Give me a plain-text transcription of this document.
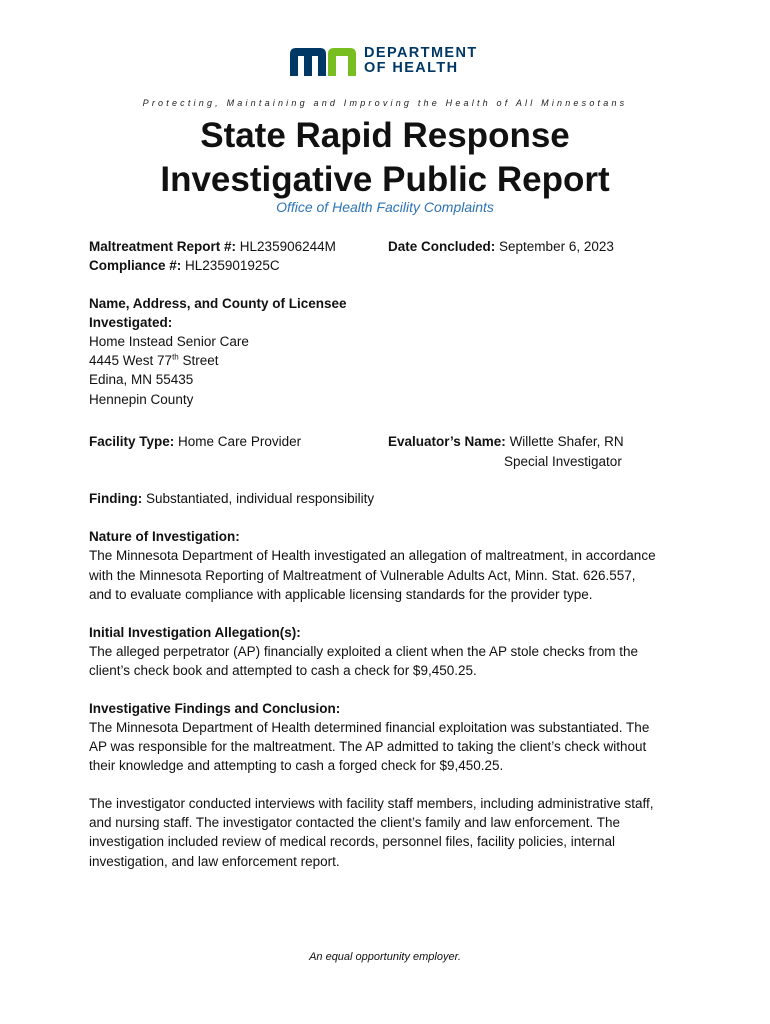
DEPARTMENT
OF HEALTH
Protecting, Maintaining and Improving the Health of All Minnesotans
State Rapid Response
Investigative Public Report
Office of Health Facility Complaints
Maltreatment Report #: HL235906244M
Compliance #: HL235901925C
Date Concluded: September 6, 2023
Name, Address, and County of Licensee
Investigated:
Home Instead Senior Care
4445 West 77th Street
Edina, MN 55435
Hennepin County
Facility Type: Home Care Provider	Evaluator’s Name: Willette Shafer, RN
Special Investigator
Finding: Substantiated, individual responsibility
Nature of Investigation:
The Minnesota Department of Health investigated an allegation of maltreatment, in accordance
with the Minnesota Reporting of Maltreatment of Vulnerable Adults Act, Minn. Stat. 626.557,
and to evaluate compliance with applicable licensing standards for the provider type.
Initial Investigation Allegation(s):
The alleged perpetrator (AP) financially exploited a client when the AP stole checks from the
client’s check book and attempted to cash a check for $9,450.25.
Investigative Findings and Conclusion:
The Minnesota Department of Health determined financial exploitation was substantiated. The
AP was responsible for the maltreatment. The AP admitted to taking the client’s check without
their knowledge and attempting to cash a forged check for $9,450.25.
The investigator conducted interviews with facility staff members, including administrative staff,
and nursing staff. The investigator contacted the client’s family and law enforcement. The
investigation included review of medical records, personnel files, facility policies, internal
investigation, and law enforcement report.
An equal opportunity employer.
